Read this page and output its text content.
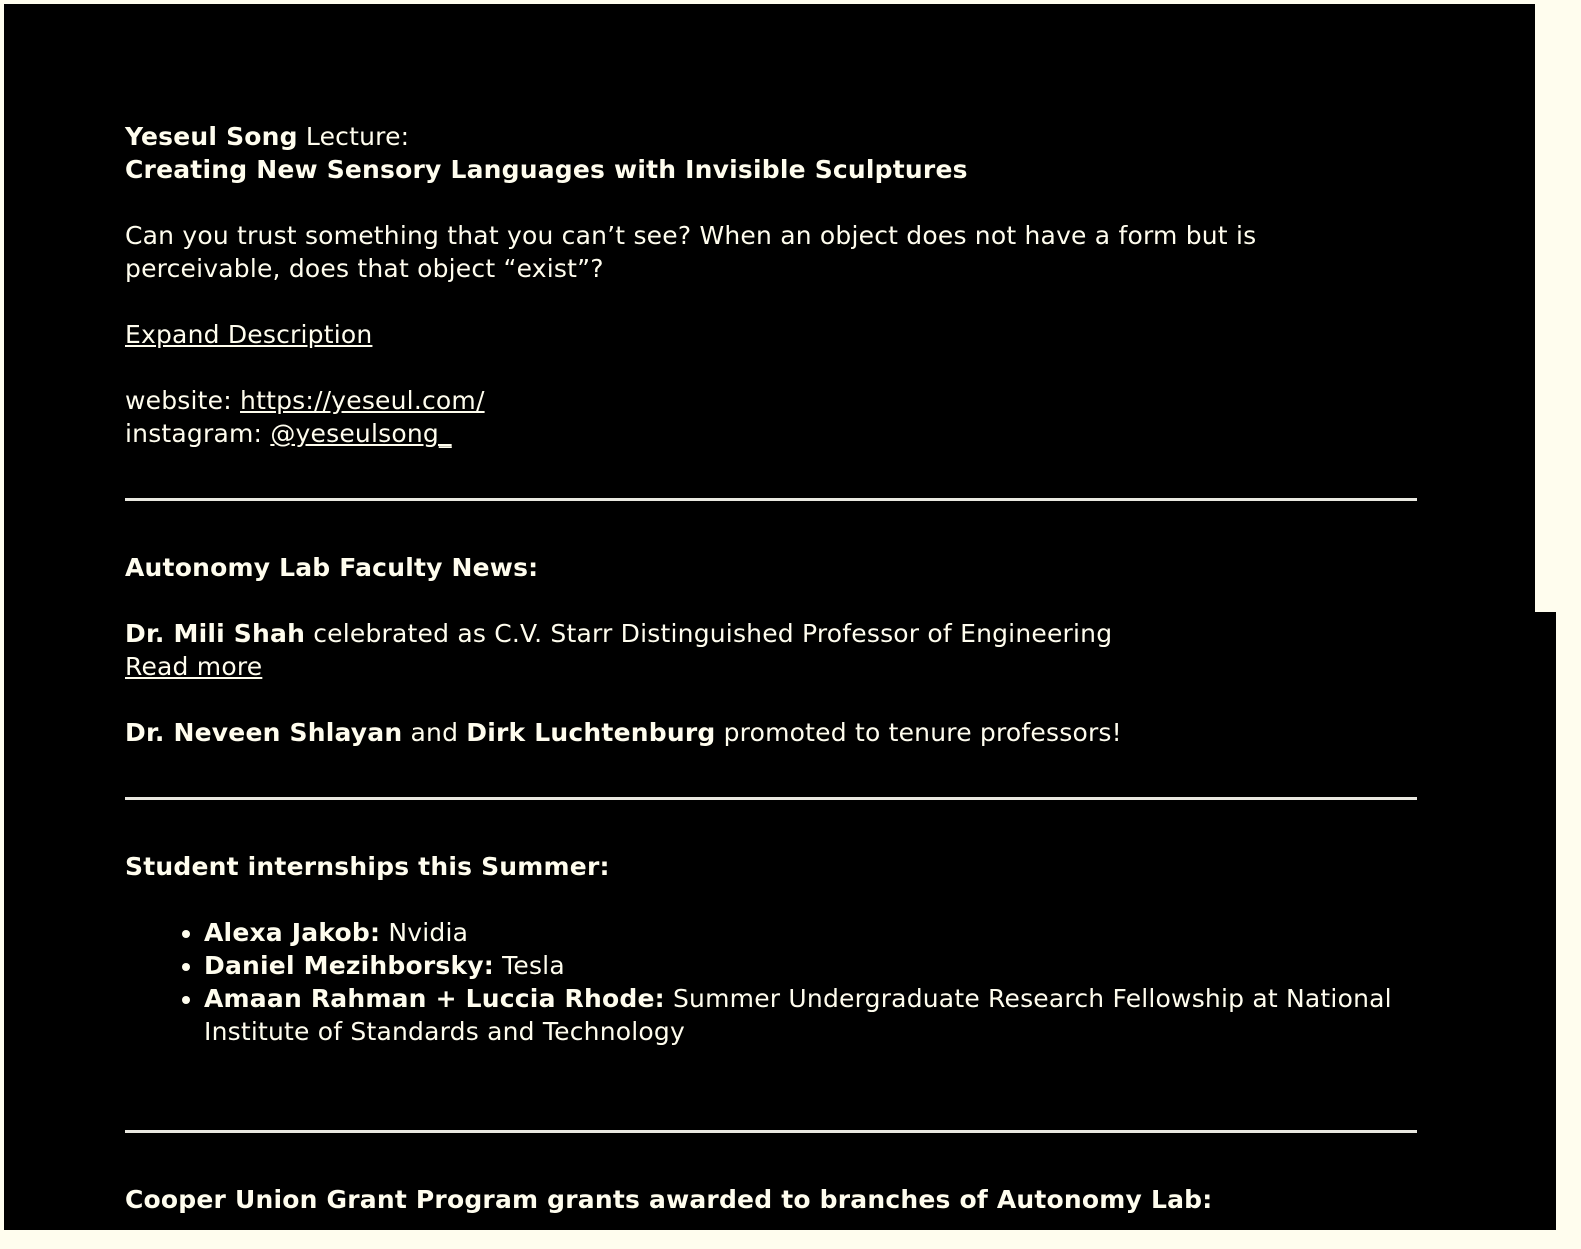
Yeseul Song Lecture:

Creating New Sensory Languages with Invisible Sculptures

Can you trust something that you can’t see? When an object does not have a form but is perceivable, does that object “exist”?

Expand Description

website: https://yeseul.com/

instagram: @yeseulsong_

Autonomy Lab Faculty News:

Dr. Mili Shah celebrated as C.V. Starr Distinguished Professor of Engineering

Read more

Dr. Neveen Shlayan and Dirk Luchtenburg promoted to tenure professors!

Student internships this Summer:

• Alexa Jakob: Nvidia
• Daniel Mezihborsky: Tesla
• Amaan Rahman + Luccia Rhode: Summer Undergraduate Research Fellowship at National Institute of Standards and Technology

Cooper Union Grant Program grants awarded to branches of Autonomy Lab:
